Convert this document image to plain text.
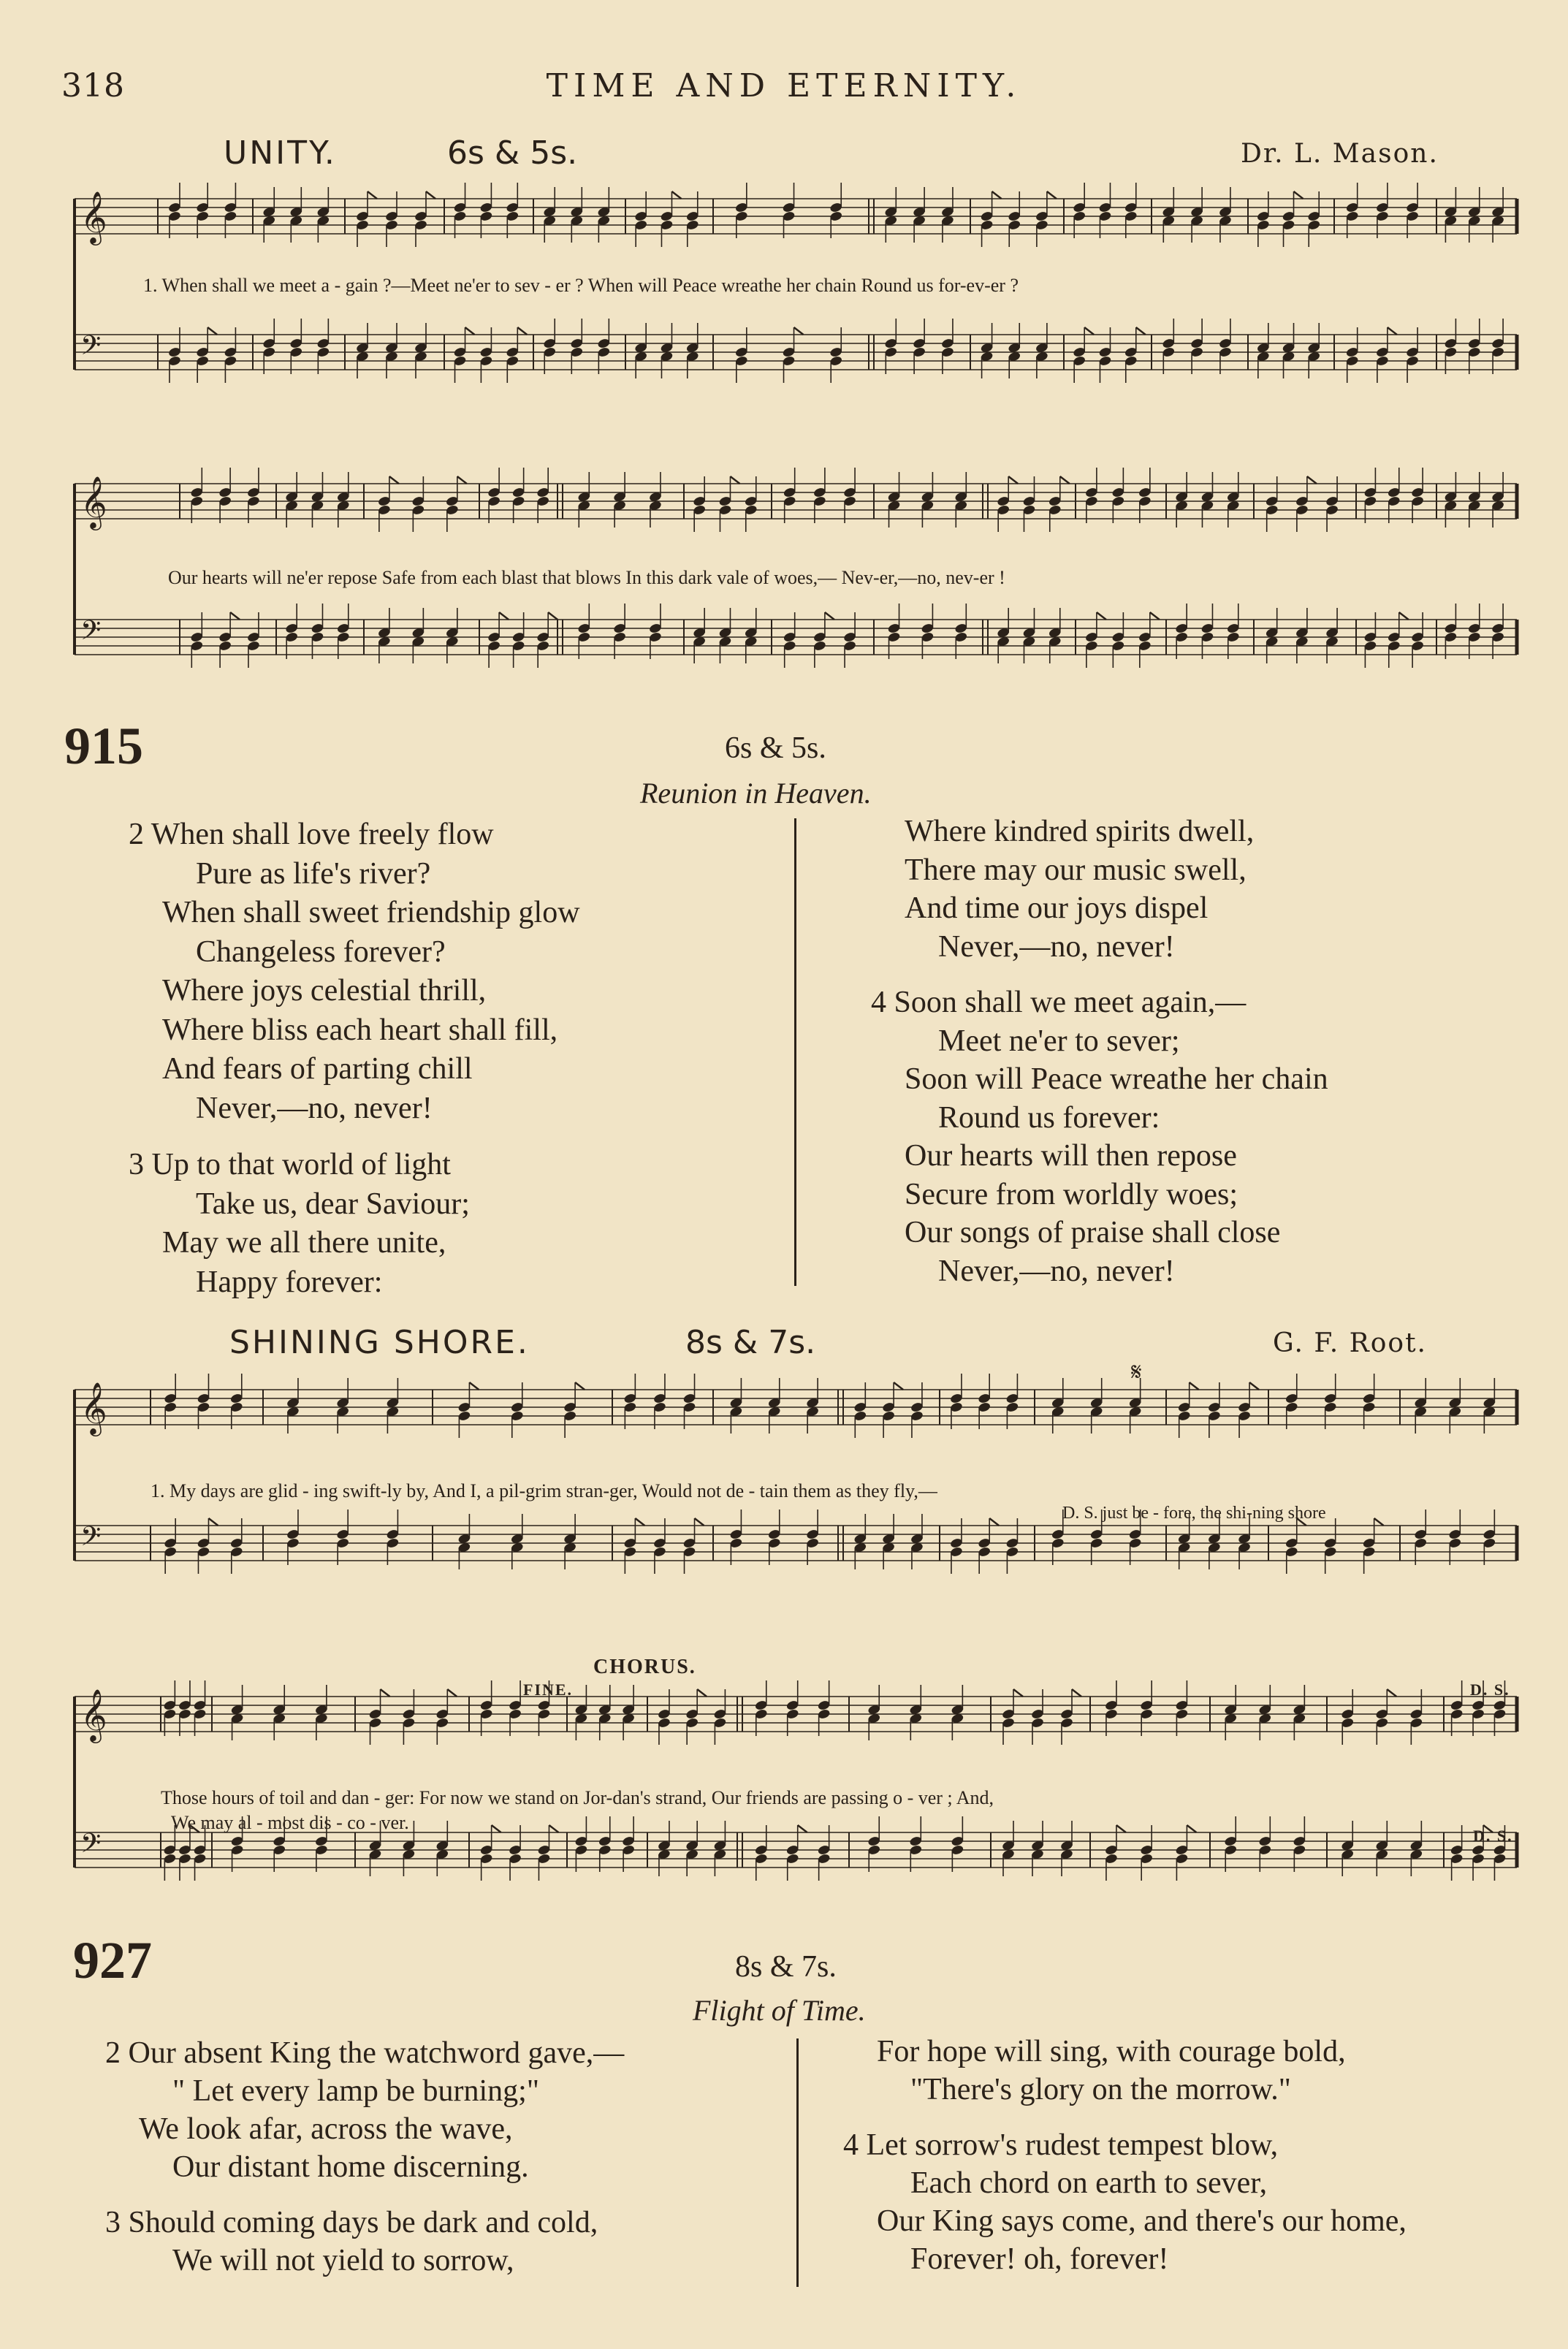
318	TIME AND ETERNITY.
UNITY.	6s & 5s.	Dr. L. Mason.
𝄞
𝄢
1. When shall we meet a - gain ?—Meet ne'er to sev - er ? When will Peace wreathe her chain Round us for-ev-er ?
𝄞
𝄢
Our hearts will ne'er repose Safe from each blast that blows In this dark vale of woes,— Nev-er,—no, nev-er !
915	6s & 5s.
Reunion in Heaven.
2 When shall love freely flow
Pure as life's river?
When shall sweet friendship glow
Changeless forever?
Where joys celestial thrill,
Where bliss each heart shall fill,
And fears of parting chill
Never,—no, never!
3 Up to that world of light
Take us, dear Saviour;
May we all there unite,
Happy forever:
Where kindred spirits dwell,
There may our music swell,
And time our joys dispel
Never,—no, never!
4 Soon shall we meet again,—
Meet ne'er to sever;
Soon will Peace wreathe her chain
Round us forever:
Our hearts will then repose
Secure from worldly woes;
Our songs of praise shall close
Never,—no, never!
SHINING SHORE.	8s & 7s.	G. F. Root.
𝄋
𝄞
𝄢
1. My days are glid - ing swift-ly by, And I, a pil-grim stran-ger, Would not de - tain them as they fly,—
D. S. just be - fore, the shi-ning shore
CHORUS.
FINE.	D. S.
𝄞
𝄢
Those hours of toil and dan - ger: For now we stand on Jor-dan's strand, Our friends are passing o - ver ; And,
We may al - most dis - co - ver.
D. S.
927	8s & 7s.
Flight of Time.
2 Our absent King the watchword gave,—
" Let every lamp be burning;"
We look afar, across the wave,
Our distant home discerning.
3 Should coming days be dark and cold,
We will not yield to sorrow,
For hope will sing, with courage bold,
"There's glory on the morrow."
4 Let sorrow's rudest tempest blow,
Each chord on earth to sever,
Our King says come, and there's our home,
Forever! oh, forever!
